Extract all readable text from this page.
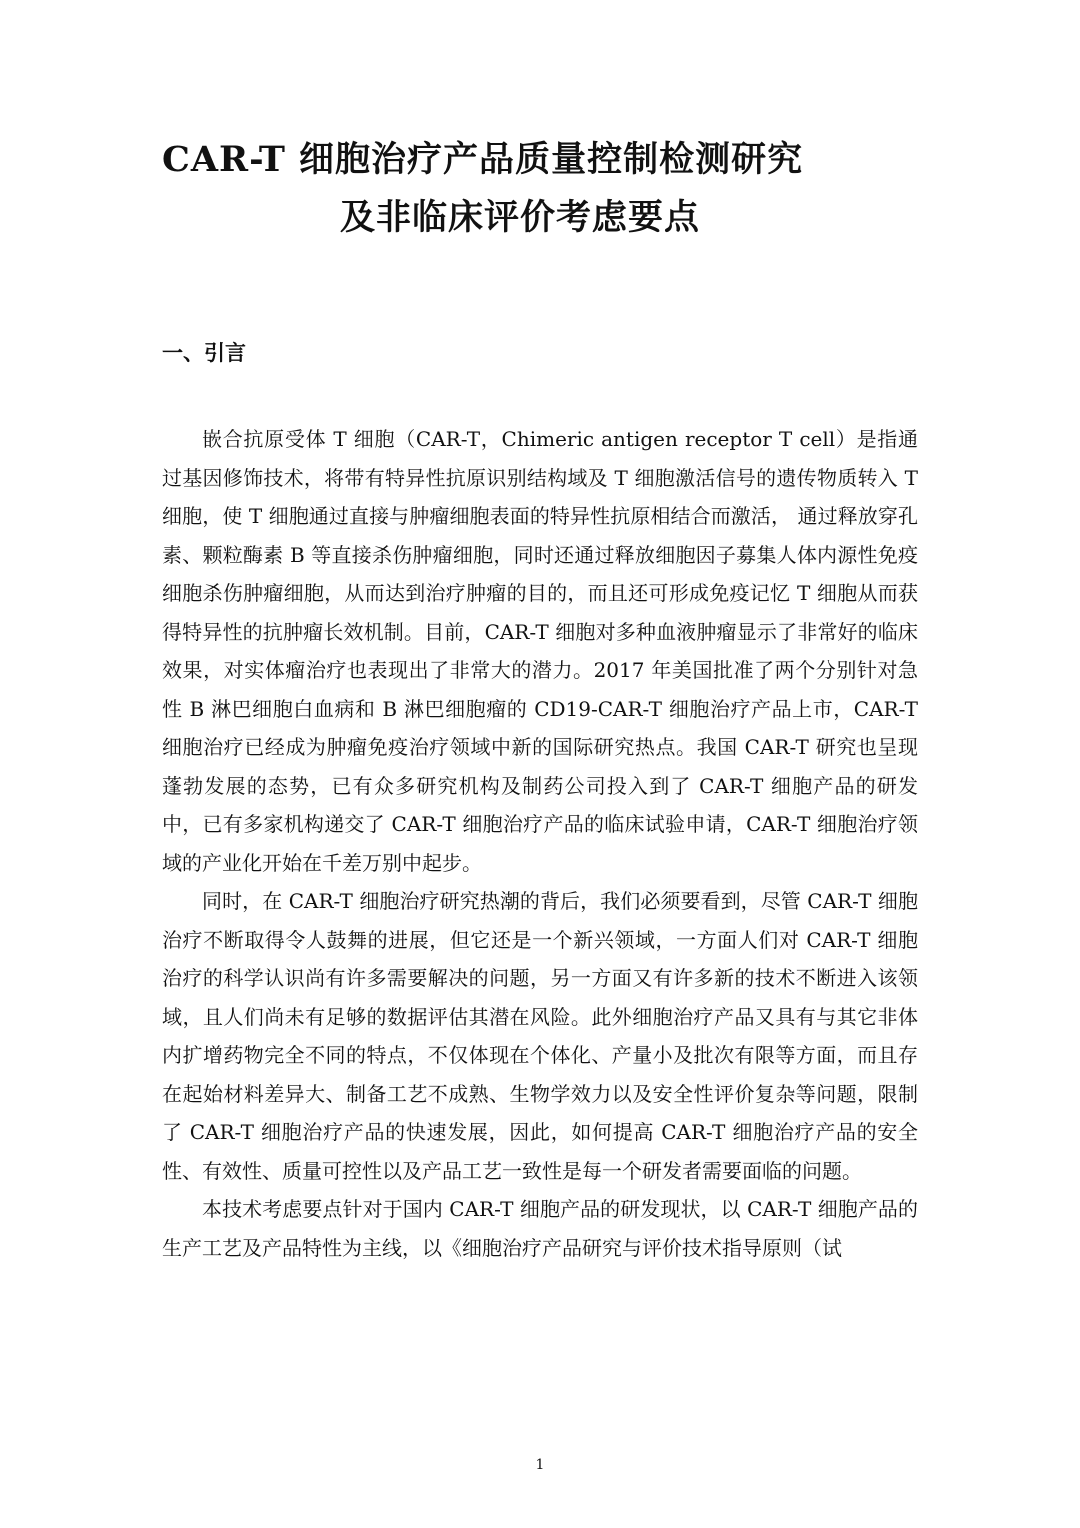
CAR-T 细胞治疗产品质量控制检测研究
及非临床评价考虑要点
一、引言

嵌合抗原受体 T 细胞（CAR-T，Chimeric antigen receptor T cell）是指通过基因修饰技术，将带有特异性抗原识别结构域及 T 细胞激活信号的遗传物质转入 T 细胞，使 T 细胞通过直接与肿瘤细胞表面的特异性抗原相结合而激活， 通过释放穿孔素、颗粒酶素 B 等直接杀伤肿瘤细胞，同时还通过释放细胞因子募集人体内源性免疫细胞杀伤肿瘤细胞，从而达到治疗肿瘤的目的，而且还可形成免疫记忆 T 细胞从而获得特异性的抗肿瘤长效机制。目前，CAR-T 细胞对多种血液肿瘤显示了非常好的临床效果，对实体瘤治疗也表现出了非常大的潜力。2017 年美国批准了两个分别针对急性 B 淋巴细胞白血病和 B 淋巴细胞瘤的 CD19-CAR-T 细胞治疗产品上市，CAR-T 细胞治疗已经成为肿瘤免疫治疗领域中新的国际研究热点。我国 CAR-T 研究也呈现蓬勃发展的态势，已有众多研究机构及制药公司投入到了 CAR-T 细胞产品的研发中，已有多家机构递交了 CAR-T 细胞治疗产品的临床试验申请，CAR-T 细胞治疗领域的产业化开始在千差万别中起步。

同时，在 CAR-T 细胞治疗研究热潮的背后，我们必须要看到，尽管 CAR-T 细胞治疗不断取得令人鼓舞的进展，但它还是一个新兴领域，一方面人们对 CAR-T 细胞治疗的科学认识尚有许多需要解决的问题，另一方面又有许多新的技术不断进入该领域，且人们尚未有足够的数据评估其潜在风险。此外细胞治疗产品又具有与其它非体内扩增药物完全不同的特点，不仅体现在个体化、产量小及批次有限等方面，而且存在起始材料差异大、制备工艺不成熟、生物学效力以及安全性评价复杂等问题，限制了 CAR-T 细胞治疗产品的快速发展，因此，如何提高 CAR-T 细胞治疗产品的安全性、有效性、质量可控性以及产品工艺一致性是每一个研发者需要面临的问题。

本技术考虑要点针对于国内 CAR-T 细胞产品的研发现状，以 CAR-T 细胞产品的生产工艺及产品特性为主线，以《细胞治疗产品研究与评价技术指导原则（试

1
